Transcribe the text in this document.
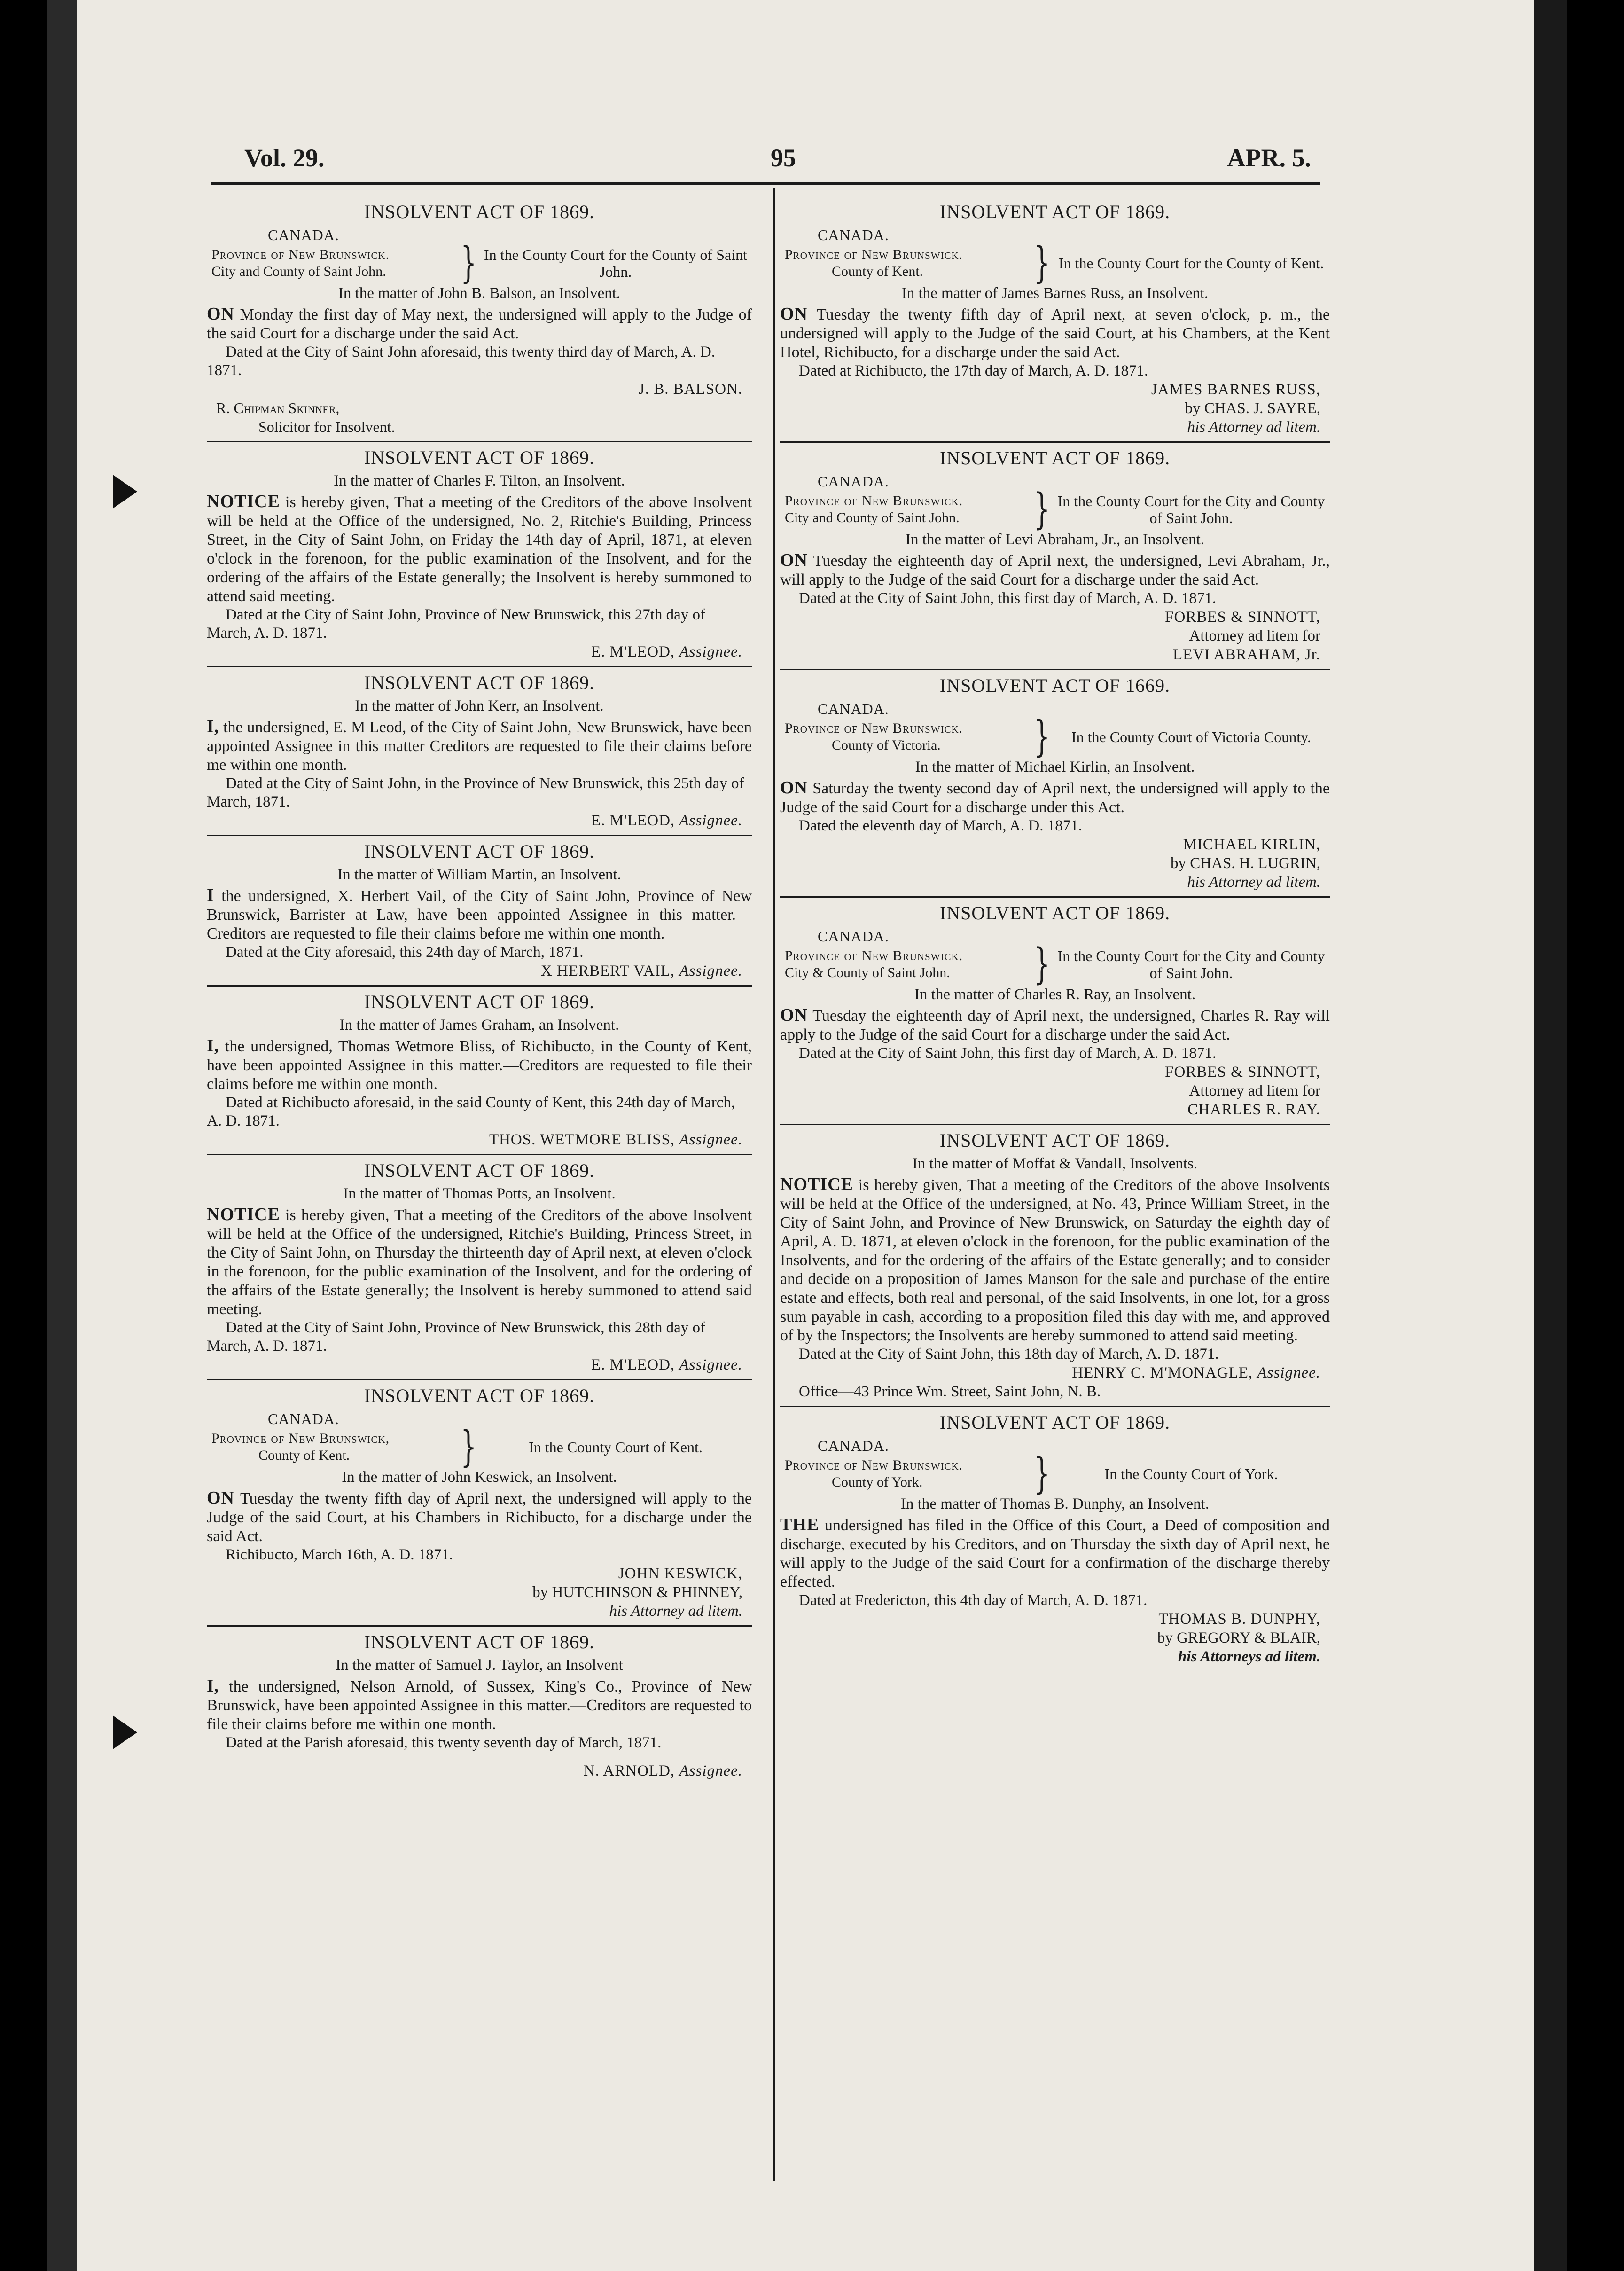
Vol. 29.	95	APR. 5.
INSOLVENT ACT OF 1869.
CANADA.
Province of New Brunswick.
City and County of Saint John.	} In the County Court for the County of Saint John.
In the matter of John B. Balson, an Insolvent.
ON Monday the first day of May next, the undersigned will apply to the Judge of the said Court for a discharge under the said Act.
Dated at the City of Saint John aforesaid, this twenty third day of March, A. D. 1871.
J. B. BALSON.
R. Chipman Skinner,
Solicitor for Insolvent.
INSOLVENT ACT OF 1869.
In the matter of Charles F. Tilton, an Insolvent.
NOTICE is hereby given, That a meeting of the Creditors of the above Insolvent will be held at the Office of the undersigned, No. 2, Ritchie's Building, Princess Street, in the City of Saint John, on Friday the 14th day of April, 1871, at eleven o'clock in the forenoon, for the public examination of the Insolvent, and for the ordering of the affairs of the Estate generally; the Insolvent is hereby summoned to attend said meeting.
Dated at the City of Saint John, Province of New Brunswick, this 27th day of March, A. D. 1871.
E. M'LEOD, Assignee.
INSOLVENT ACT OF 1869.
In the matter of John Kerr, an Insolvent.
I, the undersigned, E. M Leod, of the City of Saint John, New Brunswick, have been appointed Assignee in this matter Creditors are requested to file their claims before me within one month.
Dated at the City of Saint John, in the Province of New Brunswick, this 25th day of March, 1871.
E. M'LEOD, Assignee.
INSOLVENT ACT OF 1869.
In the matter of William Martin, an Insolvent.
I the undersigned, X. Herbert Vail, of the City of Saint John, Province of New Brunswick, Barrister at Law, have been appointed Assignee in this matter.—Creditors are requested to file their claims before me within one month.
Dated at the City aforesaid, this 24th day of March, 1871.
X HERBERT VAIL, Assignee.
INSOLVENT ACT OF 1869.
In the matter of James Graham, an Insolvent.
I, the undersigned, Thomas Wetmore Bliss, of Richibucto, in the County of Kent, have been appointed Assignee in this matter.—Creditors are requested to file their claims before me within one month.
Dated at Richibucto aforesaid, in the said County of Kent, this 24th day of March, A. D. 1871.
THOS. WETMORE BLISS, Assignee.
INSOLVENT ACT OF 1869.
In the matter of Thomas Potts, an Insolvent.
NOTICE is hereby given, That a meeting of the Creditors of the above Insolvent will be held at the Office of the undersigned, Ritchie's Building, Princess Street, in the City of Saint John, on Thursday the thirteenth day of April next, at eleven o'clock in the forenoon, for the public examination of the Insolvent, and for the ordering of the affairs of the Estate generally; the Insolvent is hereby summoned to attend said meeting.
Dated at the City of Saint John, Province of New Brunswick, this 28th day of March, A. D. 1871.
E. M'LEOD, Assignee.
INSOLVENT ACT OF 1869.
CANADA.
Province of New Brunswick,
County of Kent.	}	In the County Court of Kent.
In the matter of John Keswick, an Insolvent.
ON Tuesday the twenty fifth day of April next, the undersigned will apply to the Judge of the said Court, at his Chambers in Richibucto, for a discharge under the said Act.
Richibucto, March 16th, A. D. 1871.
JOHN KESWICK,
by HUTCHINSON & PHINNEY,
his Attorney ad litem.
INSOLVENT ACT OF 1869.
In the matter of Samuel J. Taylor, an Insolvent
I, the undersigned, Nelson Arnold, of Sussex, King's Co., Province of New Brunswick, have been appointed Assignee in this matter.—Creditors are requested to file their claims before me within one month.
Dated at the Parish aforesaid, this twenty seventh day of March, 1871.
N. ARNOLD, Assignee.
INSOLVENT ACT OF 1869.
CANADA.
Province of New Brunswick.
County of Kent.	} In the County Court for the County of Kent.
In the matter of James Barnes Russ, an Insolvent.
ON Tuesday the twenty fifth day of April next, at seven o'clock, p. m., the undersigned will apply to the Judge of the said Court, at his Chambers, at the Kent Hotel, Richibucto, for a discharge under the said Act.
Dated at Richibucto, the 17th day of March, A. D. 1871.
JAMES BARNES RUSS,
by CHAS. J. SAYRE,
his Attorney ad litem.
INSOLVENT ACT OF 1869.
CANADA.
Province of New Brunswick.
City and County of Saint John.	} In the County Court for the City and County of Saint John.
In the matter of Levi Abraham, Jr., an Insolvent.
ON Tuesday the eighteenth day of April next, the undersigned, Levi Abraham, Jr., will apply to the Judge of the said Court for a discharge under the said Act.
Dated at the City of Saint John, this first day of March, A. D. 1871.
FORBES & SINNOTT,
Attorney ad litem for
LEVI ABRAHAM, Jr.
INSOLVENT ACT OF 1669.
CANADA.
Province of New Brunswick.
County of Victoria.	}	In the County Court of Victoria County.
In the matter of Michael Kirlin, an Insolvent.
ON Saturday the twenty second day of April next, the undersigned will apply to the Judge of the said Court for a discharge under this Act.
Dated the eleventh day of March, A. D. 1871.
MICHAEL KIRLIN,
by CHAS. H. LUGRIN,
his Attorney ad litem.
INSOLVENT ACT OF 1869.
CANADA.
Province of New Brunswick.
City & County of Saint John.	} In the County Court for the City and County of Saint John.
In the matter of Charles R. Ray, an Insolvent.
ON Tuesday the eighteenth day of April next, the undersigned, Charles R. Ray will apply to the Judge of the said Court for a discharge under the said Act.
Dated at the City of Saint John, this first day of March, A. D. 1871.
FORBES & SINNOTT,
Attorney ad litem for
CHARLES R. RAY.
INSOLVENT ACT OF 1869.
In the matter of Moffat & Vandall, Insolvents.
NOTICE is hereby given, That a meeting of the Creditors of the above Insolvents will be held at the Office of the undersigned, at No. 43, Prince William Street, in the City of Saint John, and Province of New Brunswick, on Saturday the eighth day of April, A. D. 1871, at eleven o'clock in the forenoon, for the public examination of the Insolvents, and for the ordering of the affairs of the Estate generally; and to consider and decide on a proposition of James Manson for the sale and purchase of the entire estate and effects, both real and personal, of the said Insolvents, in one lot, for a gross sum payable in cash, according to a proposition filed this day with me, and approved of by the Inspectors; the Insolvents are hereby summoned to attend said meeting.
Dated at the City of Saint John, this 18th day of March, A. D. 1871.
HENRY C. M'MONAGLE, Assignee.
Office—43 Prince Wm. Street, Saint John, N. B.
INSOLVENT ACT OF 1869.
CANADA.
Province of New Brunswick.
County of York.	}	In the County Court of York.
In the matter of Thomas B. Dunphy, an Insolvent.
THE undersigned has filed in the Office of this Court, a Deed of composition and discharge, executed by his Creditors, and on Thursday the sixth day of April next, he will apply to the Judge of the said Court for a confirmation of the discharge thereby effected.
Dated at Fredericton, this 4th day of March, A. D. 1871.
THOMAS B. DUNPHY,
by GREGORY & BLAIR,
his Attorneys ad litem.
